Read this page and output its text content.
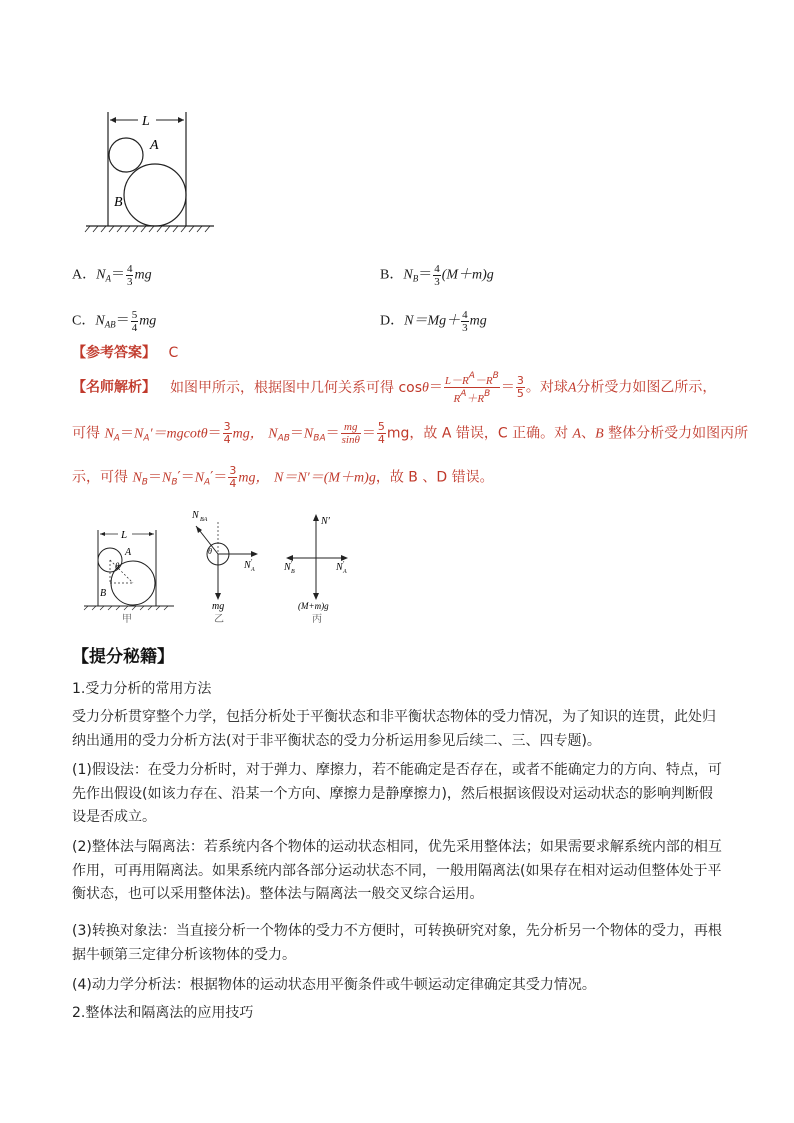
L
A
B
A．$N_A= \frac{4}{3}$ mg	B．$N_B= \frac{4}{3} (M+m)g$
C．$N_{AB}= \frac{5}{4}$ mg	D．$N=Mg+ \frac{4}{3}$ mg
【参考答案】 C
【名师解析】 如图甲所示，根据图中几何关系可得 $\cos\theta= \frac{L-R^A-R^B}{R^A+R^B} = \frac{3}{5}$ 。对球A分析受力如图乙所示，
可得 $N_A=N_A'=mgcot\theta= \frac{3}{4}$ mg， $N_{AB}=N_{BA}= \frac{mg}{\sin\theta} = \frac{5}{4}$ mg，故 A 错误，C 正确。对 A、B 整体分析受力如图丙所
示，可得 $N_B=N_B'=N_A'= \frac{3}{4}$ mg， N＝N′＝(M＋m)g，故 B 、D 错误。
L
A
θ
B
甲
N BA
θ
N A
′
mg
乙
N′
N B
′	N A
′
(M+m)g
丙
【提分秘籍】
1.受力分析的常用方法
受力分析贯穿整个力学，包括分析处于平衡状态和非平衡状态物体的受力情况，为了知识的连贯，此处归纳出通用的受力分析方法(对于非平衡状态的受力分析运用参见后续二、三、四专题)。
(1)假设法：在受力分析时，对于弹力、摩擦力，若不能确定是否存在，或者不能确定力的方向、特点，可先作出假设(如该力存在、沿某一个方向、摩擦力是静摩擦力)，然后根据该假设对运动状态的影响判断假设是否成立。
(2)整体法与隔离法：若系统内各个物体的运动状态相同，优先采用整体法；如果需要求解系统内部的相互作用，可再用隔离法。如果系统内部各部分运动状态不同，一般用隔离法(如果存在相对运动但整体处于平衡状态，也可以采用整体法)。整体法与隔离法一般交叉综合运用。
(3)转换对象法：当直接分析一个物体的受力不方便时，可转换研究对象，先分析另一个物体的受力，再根据牛顿第三定律分析该物体的受力。
(4)动力学分析法：根据物体的运动状态用平衡条件或牛顿运动定律确定其受力情况。
2.整体法和隔离法的应用技巧
